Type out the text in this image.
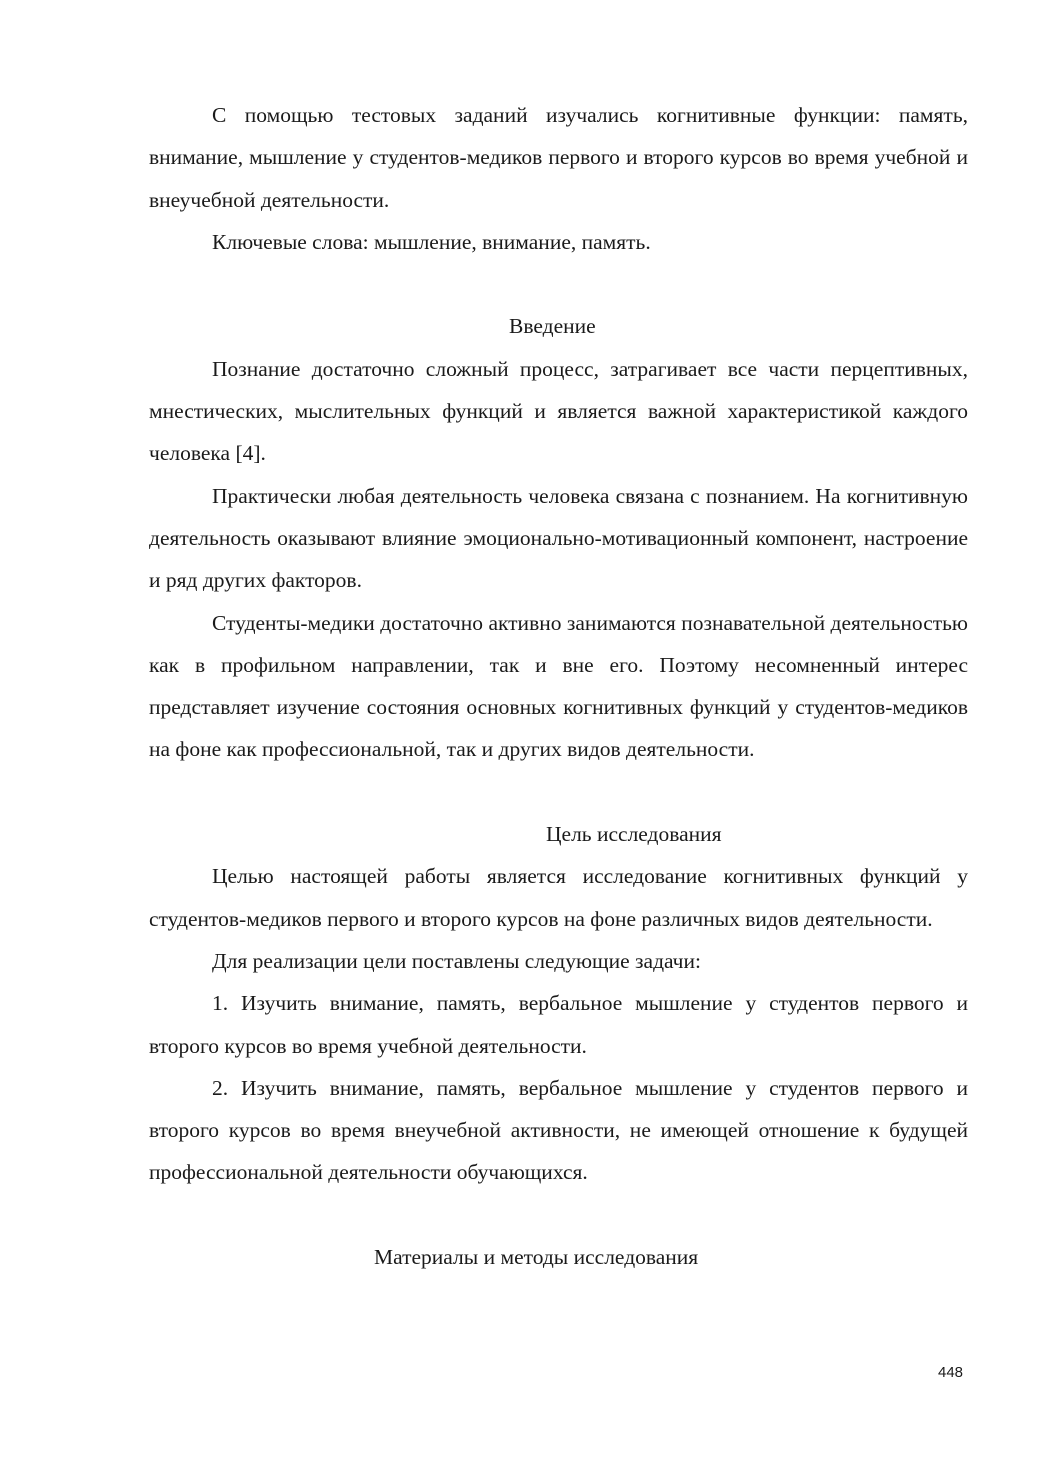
С помощью тестовых заданий изучались когнитивные функции: память, внимание, мышление у студентов-медиков первого и второго курсов во время учебной и внеучебной деятельности.

Ключевые слова: мышление, внимание, память.

Введение

Познание достаточно сложный процесс, затрагивает все части перцептивных, мнестических, мыслительных функций и является важной характеристикой каждого человека [4].

Практически любая деятельность человека связана с познанием. На когнитивную деятельность оказывают влияние эмоционально-мотивационный компонент, настроение и ряд других факторов.

Студенты-медики достаточно активно занимаются познавательной деятельностью как в профильном направлении, так и вне его. Поэтому несомненный интерес представляет изучение состояния основных когнитивных функций у студентов-медиков на фоне как профессиональной, так и других видов деятельности.

Цель исследования

Целью настоящей работы является исследование когнитивных функций у студентов-медиков первого и второго курсов на фоне различных видов деятельности.

Для реализации цели поставлены следующие задачи:

1. Изучить внимание, память, вербальное мышление у студентов первого и второго курсов во время учебной деятельности.

2. Изучить внимание, память, вербальное мышление у студентов первого и второго курсов во время внеучебной активности, не имеющей отношение к будущей профессиональной деятельности обучающихся.

Материалы и методы исследования

448
